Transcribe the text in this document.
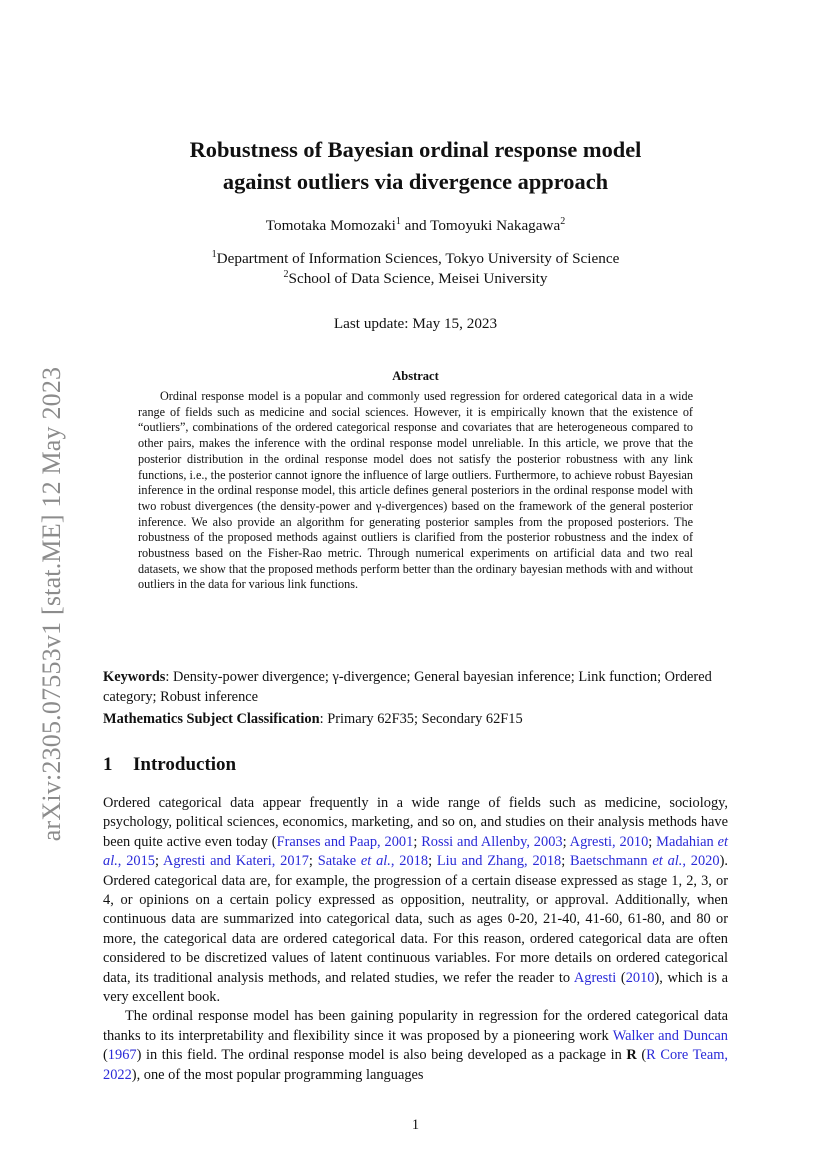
arXiv:2305.07553v1 [stat.ME] 12 May 2023
Robustness of Bayesian ordinal response model
against outliers via divergence approach
Tomotaka Momozaki$^1$ and Tomoyuki Nakagawa$^2$
$^1$Department of Information Sciences, Tokyo University of Science
$^2$School of Data Science, Meisei University
Last update: May 15, 2023
Abstract

Ordinal response model is a popular and commonly used regression for ordered categorical data in a wide range of fields such as medicine and social sciences. However, it is empirically known that the existence of “outliers”, combinations of the ordered categorical response and covariates that are heterogeneous compared to other pairs, makes the inference with the ordinal response model unreliable. In this article, we prove that the posterior distribution in the ordinal response model does not satisfy the posterior robustness with any link functions, i.e., the posterior cannot ignore the influence of large outliers. Furthermore, to achieve robust Bayesian inference in the ordinal response model, this article defines general posteriors in the ordinal response model with two robust divergences (the density-power and γ-divergences) based on the framework of the general posterior inference. We also provide an algorithm for generating posterior samples from the proposed posteriors. The robustness of the proposed methods against outliers is clarified from the posterior robustness and the index of robustness based on the Fisher-Rao metric. Through numerical experiments on artificial data and two real datasets, we show that the proposed methods perform better than the ordinary bayesian methods with and without outliers in the data for various link functions.

Keywords: Density-power divergence; γ-divergence; General bayesian inference; Link function; Ordered category; Robust inference

Mathematics Subject Classification: Primary 62F35; Secondary 62F15

1 Introduction

Ordered categorical data appear frequently in a wide range of fields such as medicine, sociology, psychology, political sciences, economics, marketing, and so on, and studies on their analysis methods have been quite active even today (Franses and Paap, 2001; Rossi and Allenby, 2003; Agresti, 2010; Madahian et al., 2015; Agresti and Kateri, 2017; Satake et al., 2018; Liu and Zhang, 2018; Baetschmann et al., 2020). Ordered categorical data are, for example, the progression of a certain disease expressed as stage 1, 2, 3, or 4, or opinions on a certain policy expressed as opposition, neutrality, or approval. Additionally, when continuous data are summarized into categorical data, such as ages 0-20, 21-40, 41-60, 61-80, and 80 or more, the categorical data are ordered categorical data. For this reason, ordered categorical data are often considered to be discretized values of latent continuous variables. For more details on ordered categorical data, its traditional analysis methods, and related studies, we refer the reader to Agresti (2010), which is a very excellent book.

The ordinal response model has been gaining popularity in regression for the ordered categorical data thanks to its interpretability and flexibility since it was proposed by a pioneering work Walker and Duncan (1967) in this field. The ordinal response model is also being developed as a package in R (R Core Team, 2022), one of the most popular programming languages

1
